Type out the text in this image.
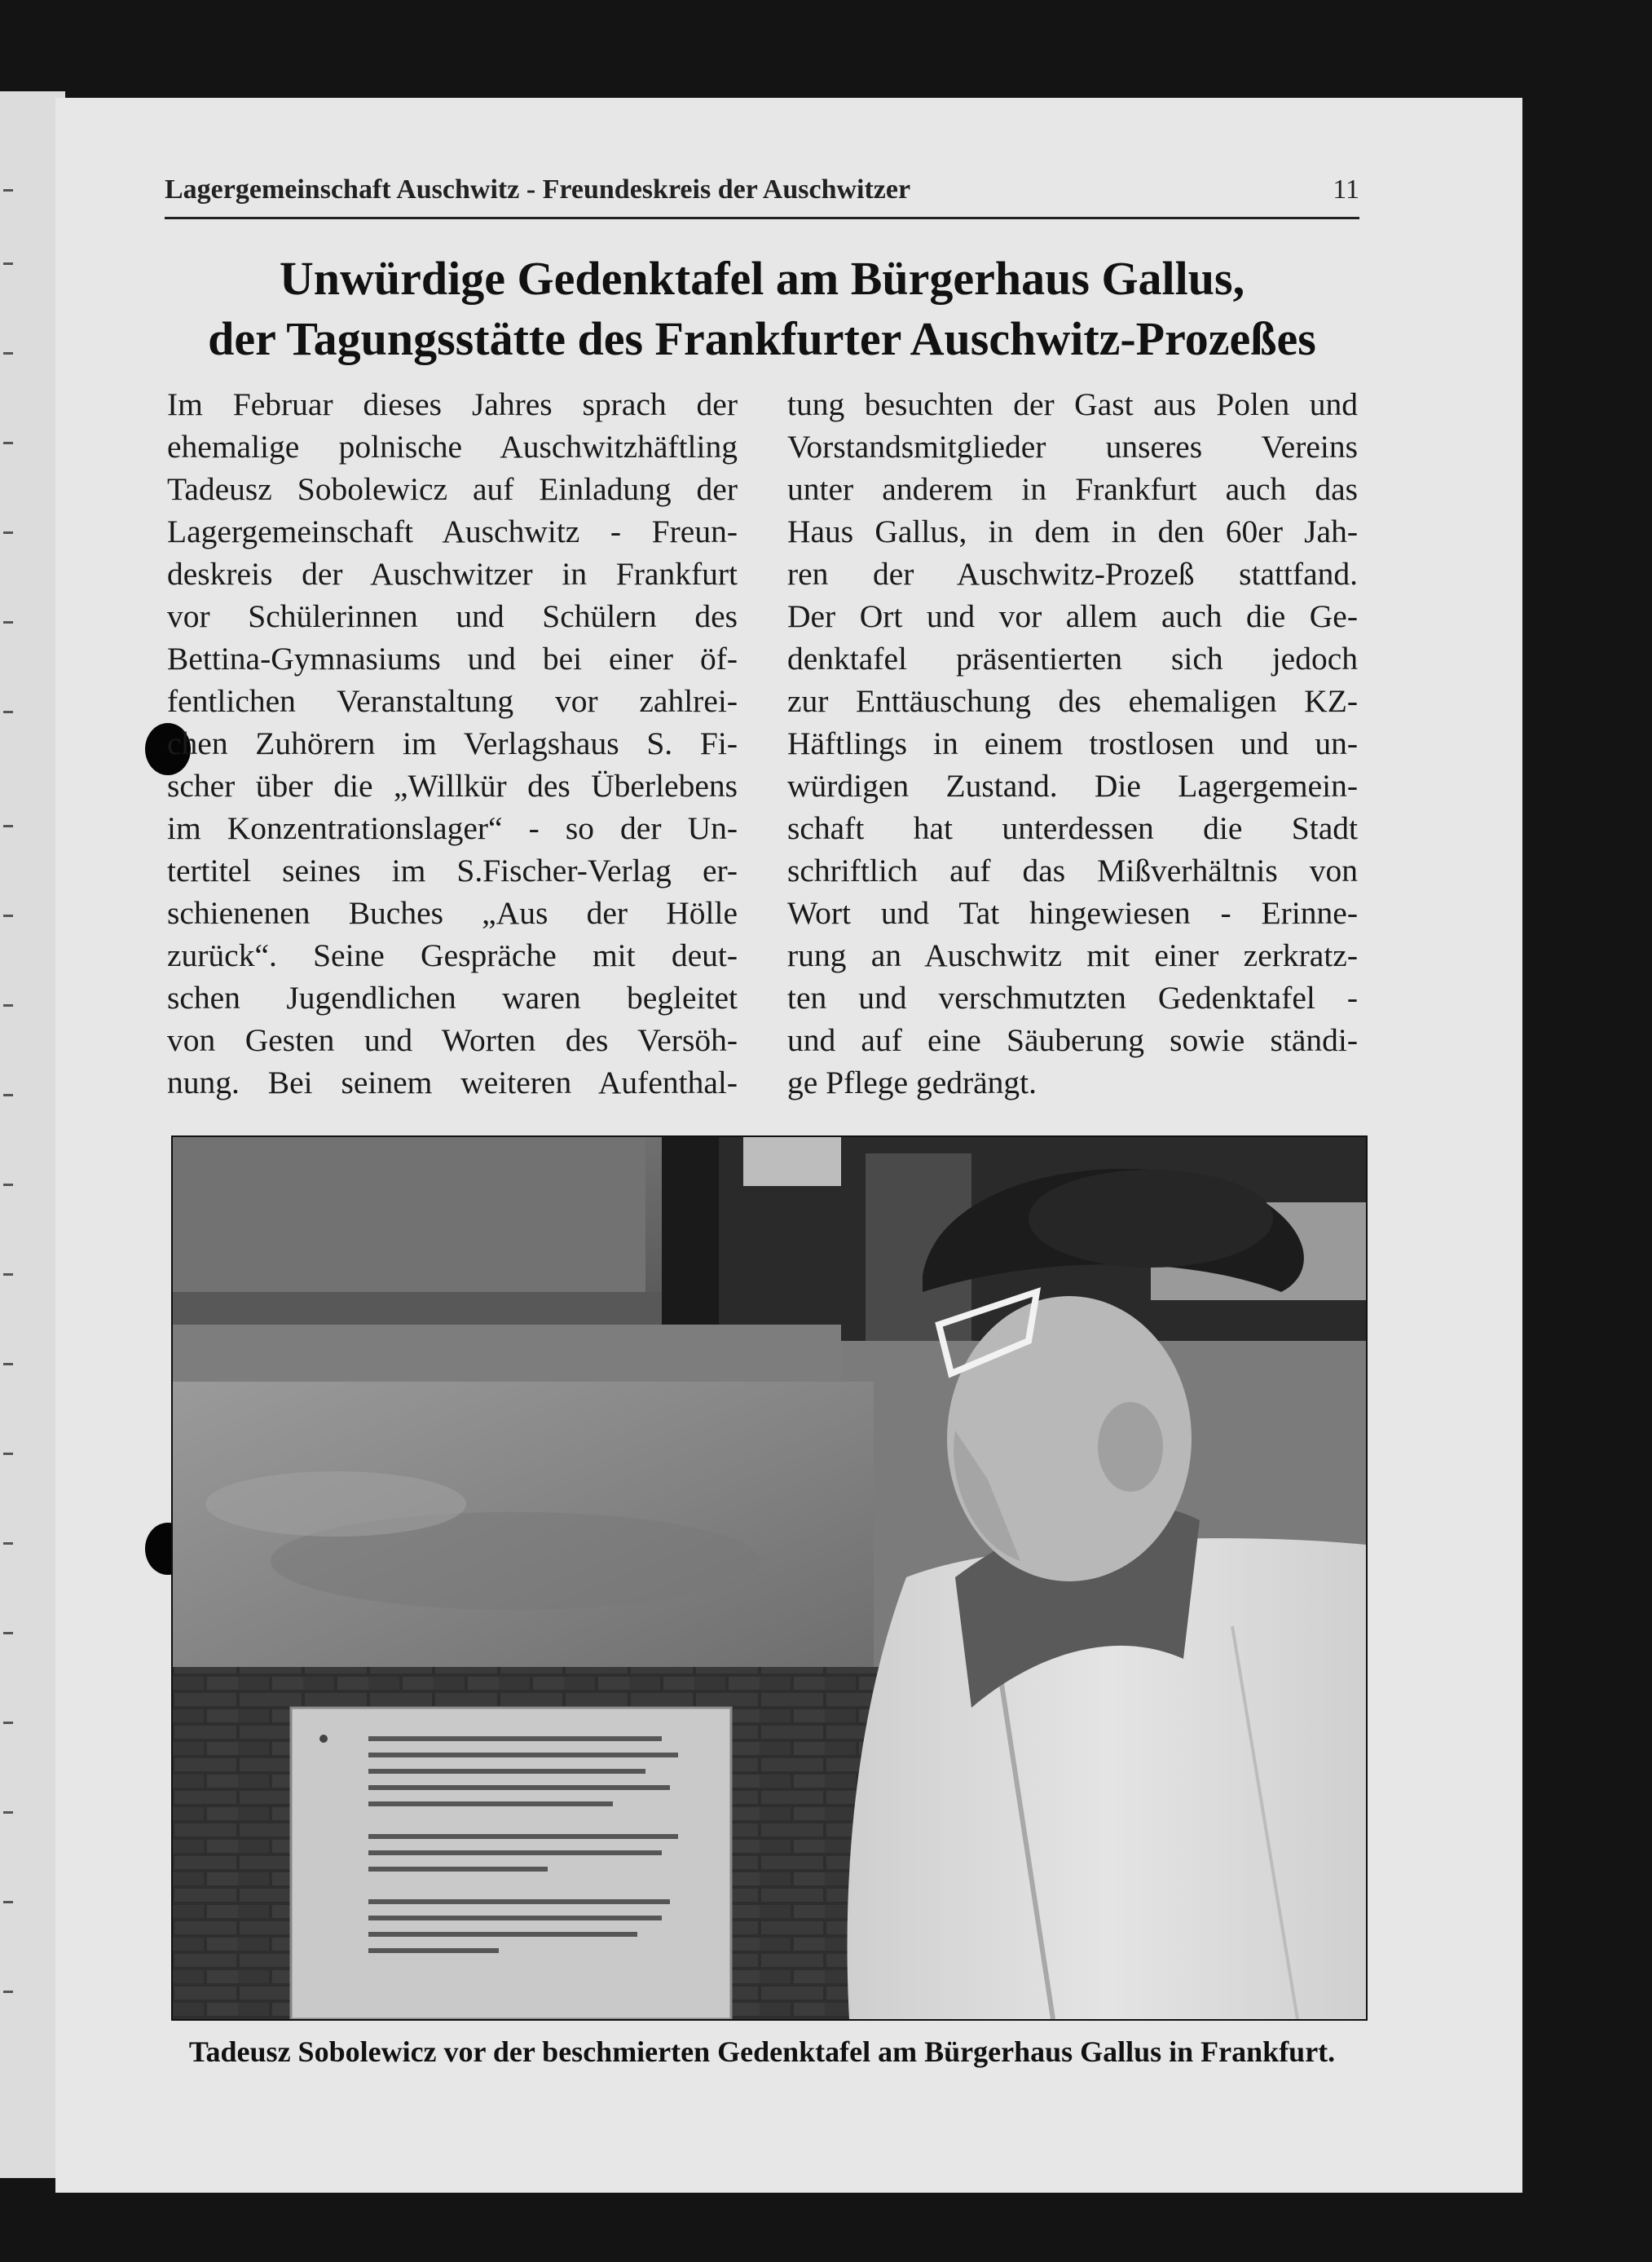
Lagergemeinschaft Auschwitz - Freundeskreis der Auschwitzer	11
Unwürdige Gedenktafel am Bürgerhaus Gallus,
der Tagungsstätte des Frankfurter Auschwitz-Prozeßes
Im Februar dieses Jahres sprach der
ehemalige polnische Auschwitzhäftling
Tadeusz Sobolewicz auf Einladung der
Lagergemeinschaft Auschwitz - Freun-
deskreis der Auschwitzer in Frankfurt
vor Schülerinnen und Schülern des
Bettina-Gymnasiums und bei einer öf-
fentlichen Veranstaltung vor zahlrei-
chen Zuhörern im Verlagshaus S. Fi-
scher über die „Willkür des Überlebens
im Konzentrationslager“ - so der Un-
tertitel seines im S.Fischer-Verlag er-
schienenen Buches „Aus der Hölle
zurück“. Seine Gespräche mit deut-
schen Jugendlichen waren begleitet
von Gesten und Worten des Versöh-
nung. Bei seinem weiteren Aufenthal-
tung besuchten der Gast aus Polen und
Vorstandsmitglieder unseres Vereins
unter anderem in Frankfurt auch das
Haus Gallus, in dem in den 60er Jah-
ren der Auschwitz-Prozeß stattfand.
Der Ort und vor allem auch die Ge-
denktafel präsentierten sich jedoch
zur Enttäuschung des ehemaligen KZ-
Häftlings in einem trostlosen und un-
würdigen Zustand. Die Lagergemein-
schaft hat unterdessen die Stadt
schriftlich auf das Mißverhältnis von
Wort und Tat hingewiesen - Erinne-
rung an Auschwitz mit einer zerkratz-
ten und verschmutzten Gedenktafel -
und auf eine Säuberung sowie ständi-
ge Pflege gedrängt.
Tadeusz Sobolewicz vor der beschmierten Gedenktafel am Bürgerhaus Gallus in Frankfurt.
